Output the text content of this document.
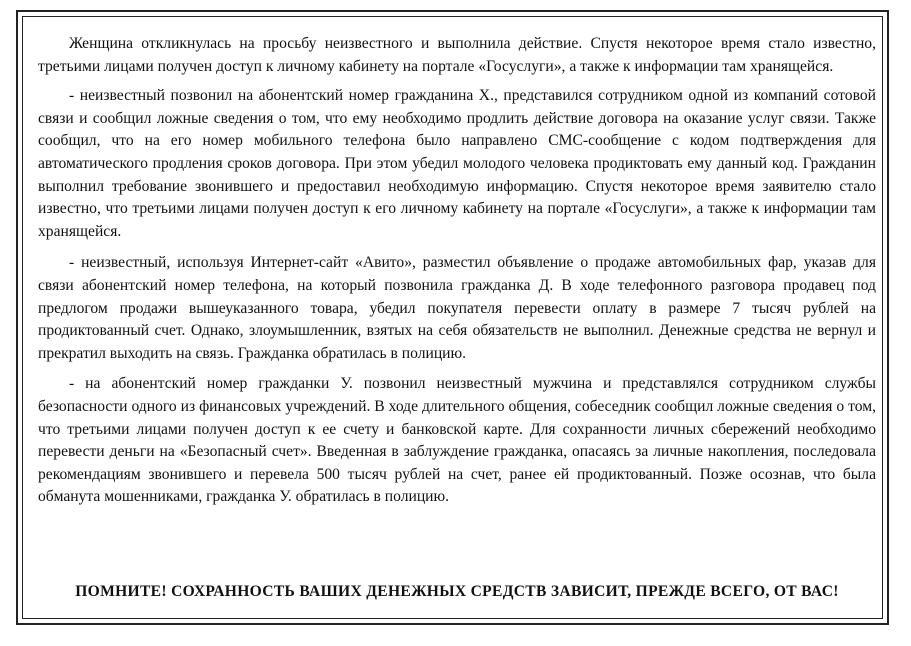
Женщина откликнулась на просьбу неизвестного и выполнила действие. Спустя некоторое время стало известно, третьими лицами получен доступ к личному кабинету на портале «Госуслуги», а также к информации там хранящейся.

- неизвестный позвонил на абонентский номер гражданина Х., представился сотрудником одной из компаний сотовой связи и сообщил ложные сведения о том, что ему необходимо продлить действие договора на оказание услуг связи. Также сообщил, что на его номер мобильного телефона было направлено СМС-сообщение с кодом подтверждения для автоматического продления сроков договора. При этом убедил молодого человека продиктовать ему данный код. Гражданин выполнил требование звонившего и предоставил необходимую информацию. Спустя некоторое время заявителю стало известно, что третьими лицами получен доступ к его личному кабинету на портале «Госуслуги», а также к информации там хранящейся.

- неизвестный, используя Интернет-сайт «Авито», разместил объявление о продаже автомобильных фар, указав для связи абонентский номер телефона, на который позвонила гражданка Д. В ходе телефонного разговора продавец под предлогом продажи вышеуказанного товара, убедил покупателя перевести оплату в размере 7 тысяч рублей на продиктованный счет. Однако, злоумышленник, взятых на себя обязательств не выполнил. Денежные средства не вернул и прекратил выходить на связь. Гражданка обратилась в полицию.

- на абонентский номер гражданки У. позвонил неизвестный мужчина и представлялся сотрудником службы безопасности одного из финансовых учреждений. В ходе длительного общения, собеседник сообщил ложные сведения о том, что третьими лицами получен доступ к ее счету и банковской карте. Для сохранности личных сбережений необходимо перевести деньги на «Безопасный счет». Введенная в заблуждение гражданка, опасаясь за личные накопления, последовала рекомендациям звонившего и перевела 500 тысяч рублей на счет, ранее ей продиктованный. Позже осознав, что была обманута мошенниками, гражданка У. обратилась в полицию.

ПОМНИТЕ! СОХРАННОСТЬ ВАШИХ ДЕНЕЖНЫХ СРЕДСТВ ЗАВИСИТ, ПРЕЖДЕ ВСЕГО, ОТ ВАС!
